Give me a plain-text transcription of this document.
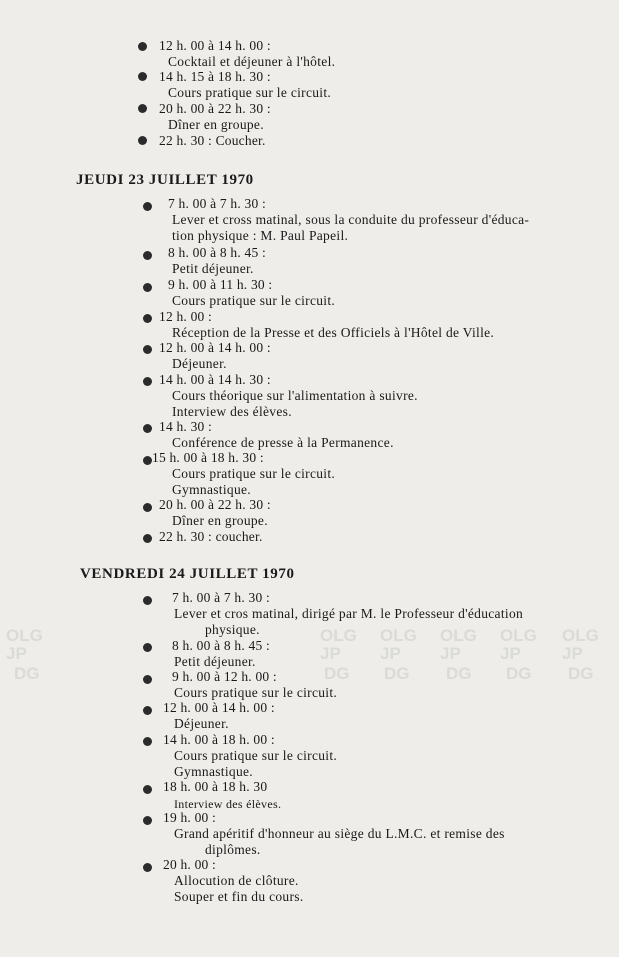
OLG
JP
DG
OLG
JP
DG
OLG
JP
DG
OLG
JP
DG
OLG
JP
DG
OLG
JP
DG
12 h. 00 à 14 h. 00 :
Cocktail et déjeuner à l'hôtel.
14 h. 15 à 18 h. 30 :
Cours pratique sur le circuit.
20 h. 00 à 22 h. 30 :
Dîner en groupe.
22 h. 30 : Coucher.
JEUDI 23 JUILLET 1970
7 h. 00 à 7 h. 30 :
Lever et cross matinal, sous la conduite du professeur d'éduca-
tion physique : M. Paul Papeil.
8 h. 00 à 8 h. 45 :
Petit déjeuner.
9 h. 00 à 11 h. 30 :
Cours pratique sur le circuit.
12 h. 00 :
Réception de la Presse et des Officiels à l'Hôtel de Ville.
12 h. 00 à 14 h. 00 :
Déjeuner.
14 h. 00 à 14 h. 30 :
Cours théorique sur l'alimentation à suivre.
Interview des élèves.
14 h. 30 :
Conférence de presse à la Permanence.
15 h. 00 à 18 h. 30 :
Cours pratique sur le circuit.
Gymnastique.
20 h. 00 à 22 h. 30 :
Dîner en groupe.
22 h. 30 : coucher.
VENDREDI 24 JUILLET 1970
7 h. 00 à 7 h. 30 :
Lever et cros matinal, dirigé par M. le Professeur d'éducation
physique.
8 h. 00 à 8 h. 45 :
Petit déjeuner.
9 h. 00 à 12 h. 00 :
Cours pratique sur le circuit.
12 h. 00 à 14 h. 00 :
Déjeuner.
14 h. 00 à 18 h. 00 :
Cours pratique sur le circuit.
Gymnastique.
18 h. 00 à 18 h. 30
Interview des élèves.
19 h. 00 :
Grand apéritif d'honneur au siège du L.M.C. et remise des
diplômes.
20 h. 00 :
Allocution de clôture.
Souper et fin du cours.
